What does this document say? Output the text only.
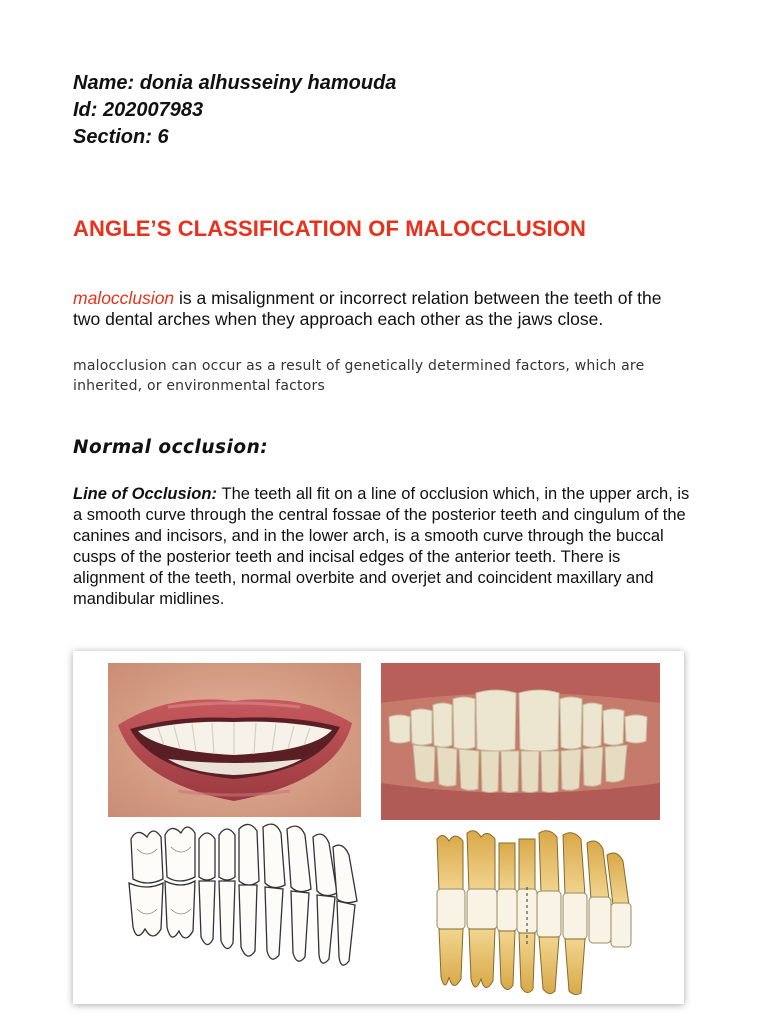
Name: donia alhusseiny hamouda
Id: 202007983
Section: 6
ANGLE’S CLASSIFICATION OF MALOCCLUSION
malocclusion is a misalignment or incorrect relation between the teeth of the two dental arches when they approach each other as the jaws close.
malocclusion can occur as a result of genetically determined factors, which are inherited, or environmental factors
Normal occlusion:
Line of Occlusion: The teeth all fit on a line of occlusion which, in the upper arch, is a smooth curve through the central fossae of the posterior teeth and cingulum of the canines and incisors, and in the lower arch, is a smooth curve through the buccal cusps of the posterior teeth and incisal edges of the anterior teeth. There is alignment of the teeth, normal overbite and overjet and coincident maxillary and mandibular midlines.
